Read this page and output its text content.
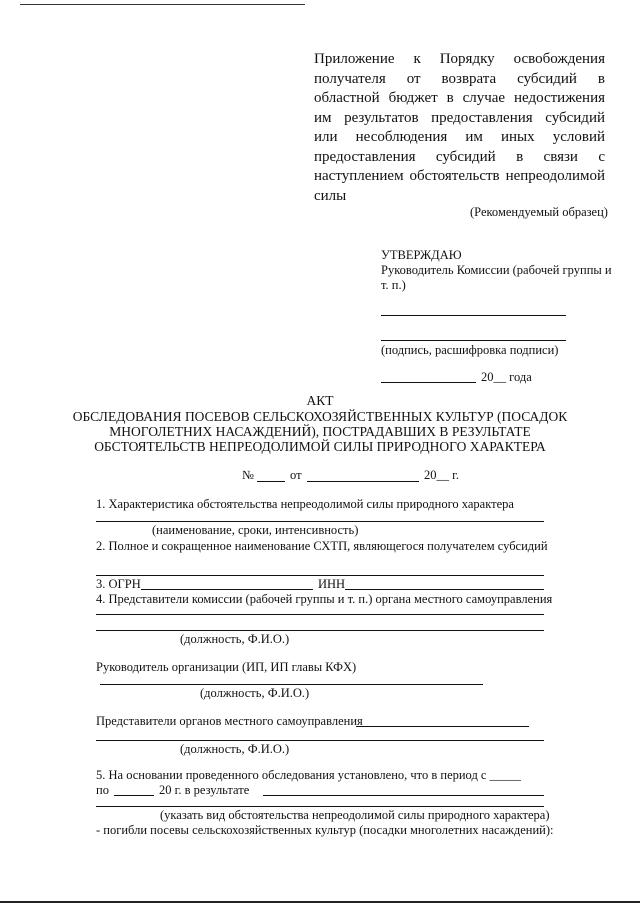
Приложение к Порядку освобождения
получателя от возврата субсидий в
областной бюджет в случае недостижения
им результатов предоставления субсидий
или несоблюдения им иных условий
предоставления субсидий в связи с
наступлением обстоятельств непреодолимой
силы
(Рекомендуемый образец)
УТВЕРЖДАЮ
Руководитель Комиссии (рабочей группы и
т. п.)
(подпись, расшифровка подписи)
20__ года
АКТ
ОБСЛЕДОВАНИЯ ПОСЕВОВ СЕЛЬСКОХОЗЯЙСТВЕННЫХ КУЛЬТУР (ПОСАДОК
МНОГОЛЕТНИХ НАСАЖДЕНИЙ), ПОСТРАДАВШИХ В РЕЗУЛЬТАТЕ
ОБСТОЯТЕЛЬСТВ НЕПРЕОДОЛИМОЙ СИЛЫ ПРИРОДНОГО ХАРАКТЕРА
№	от	20__ г.
1. Характеристика обстоятельства непреодолимой силы природного характера
(наименование, сроки, интенсивность)
2. Полное и сокращенное наименование СХТП, являющегося получателем субсидий
3. ОГРН	ИНН
4. Представители комиссии (рабочей группы и т. п.) органа местного самоуправления
(должность, Ф.И.О.)
Руководитель организации (ИП, ИП главы КФХ)
(должность, Ф.И.О.)
Представители органов местного самоуправления
(должность, Ф.И.О.)
5. На основании проведенного обследования установлено, что в период с _____
по	20 г. в результате
(указать вид обстоятельства непреодолимой силы природного характера)
- погибли посевы сельскохозяйственных культур (посадки многолетних насаждений):
